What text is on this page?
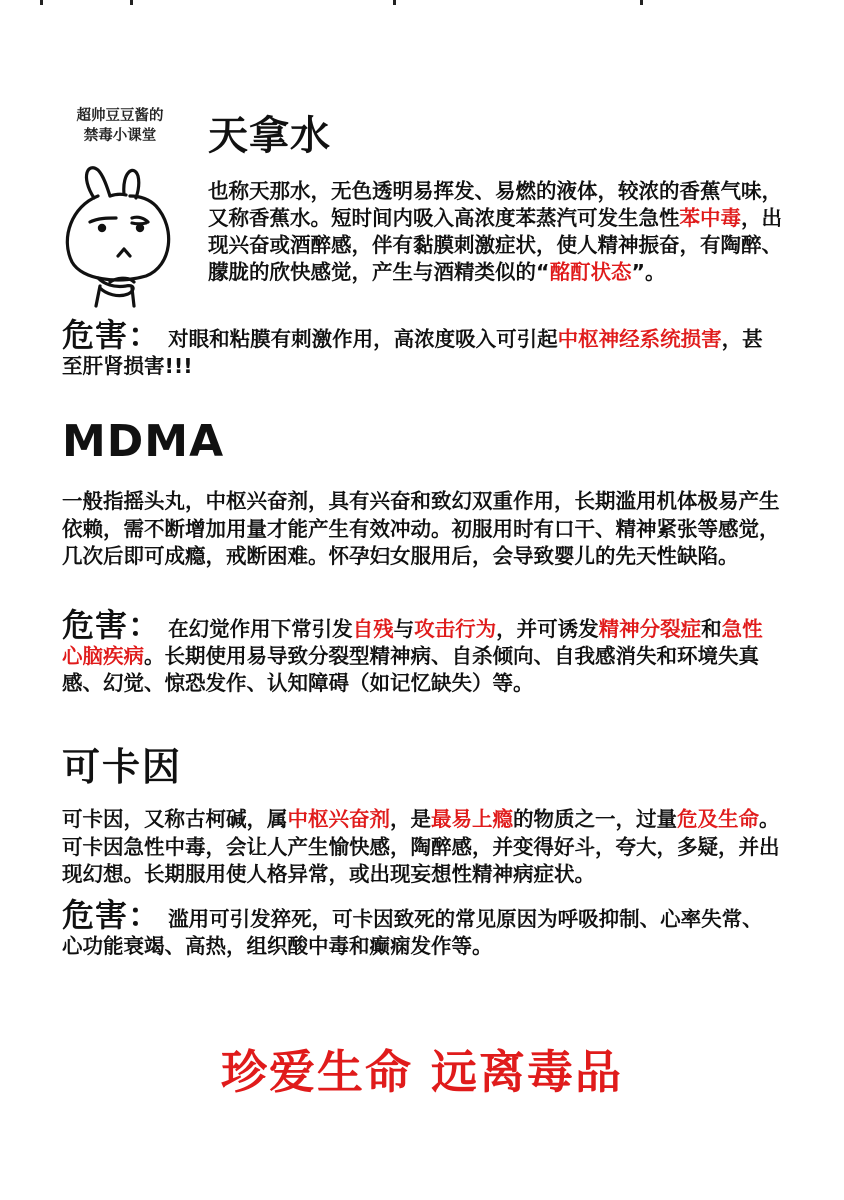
超帅豆豆酱的
禁毒小课堂	天拿水

也称天那水，无色透明易挥发、易燃的液体，较浓的香蕉气味，又称香蕉水。短时间内吸入高浓度苯蒸汽可发生急性苯中毒，出现兴奋或酒醉感，伴有黏膜刺激症状，使人精神振奋，有陶醉、朦胧的欣快感觉，产生与酒精类似的“酩酊状态”。

危害： 对眼和粘膜有刺激作用，高浓度吸入可引起中枢神经系统损害，甚至肝肾损害!!!

MDMA

一般指摇头丸，中枢兴奋剂，具有兴奋和致幻双重作用，长期滥用机体极易产生依赖，需不断增加用量才能产生有效冲动。初服用时有口干、精神紧张等感觉，几次后即可成瘾，戒断困难。怀孕妇女服用后，会导致婴儿的先天性缺陷。

危害： 在幻觉作用下常引发自残与攻击行为，并可诱发精神分裂症和急性心脑疾病。长期使用易导致分裂型精神病、自杀倾向、自我感消失和环境失真感、幻觉、惊恐发作、认知障碍（如记忆缺失）等。

可卡因

可卡因，又称古柯碱，属中枢兴奋剂，是最易上瘾的物质之一，过量危及生命。可卡因急性中毒，会让人产生愉快感，陶醉感，并变得好斗，夸大，多疑，并出现幻想。长期服用使人格异常，或出现妄想性精神病症状。

危害： 滥用可引发猝死，可卡因致死的常见原因为呼吸抑制、心率失常、心功能衰竭、高热，组织酸中毒和癫痫发作等。

珍爱生命 远离毒品
